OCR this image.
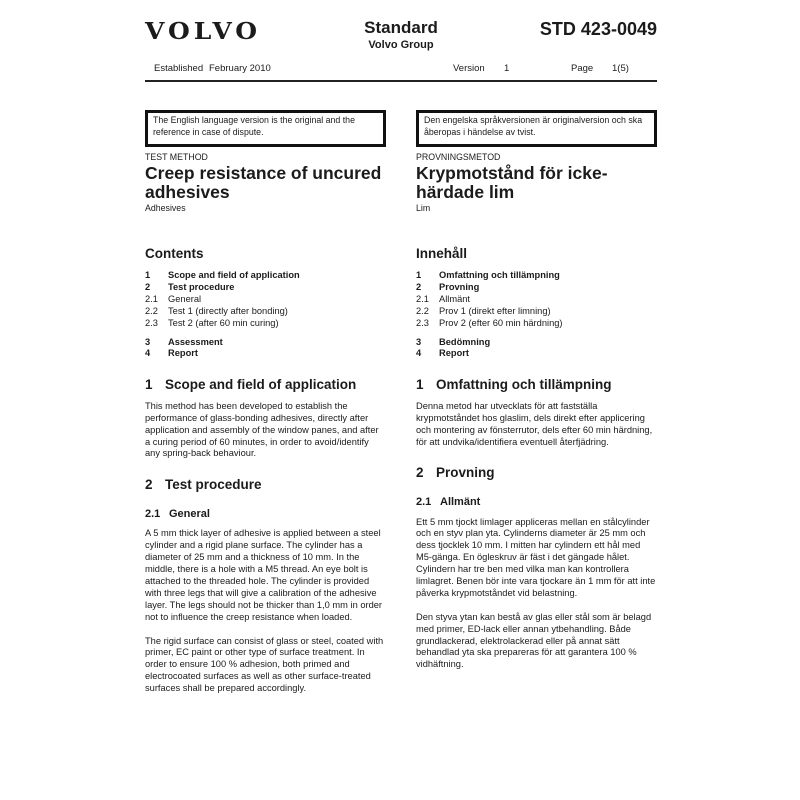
VOLVO	Standard
Volvo Group
STD 423-0049
Established February 2010	Version 1	Page 1(5)
The English language version is the original and the reference in case of dispute.
Den engelska språkversionen är originalversion och ska åberopas i händelse av tvist.
TEST METHOD
Creep resistance of uncured adhesives
Adhesives
Contents
1	Scope and field of application
2	Test procedure
2.1	General
2.2	Test 1 (directly after bonding)
2.3	Test 2 (after 60 min curing)
3	Assessment
4	Report
1 Scope and field of application

This method has been developed to establish the performance of glass-bonding adhesives, directly after application and assembly of the window panes, and after a curing period of 60 minutes, in order to avoid/identify any spring-back behaviour.

2 Test procedure
2.1 General

A 5 mm thick layer of adhesive is applied between a steel cylinder and a rigid plane surface. The cylinder has a diameter of 25 mm and a thickness of 10 mm. In the middle, there is a hole with a M5 thread. An eye bolt is attached to the threaded hole. The cylinder is provided with three legs that will give a calibration of the adhesive layer. The legs should not be thicker than 1,0 mm in order not to influence the creep resistance when loaded.

The rigid surface can consist of glass or steel, coated with primer, EC paint or other type of surface treatment. In order to ensure 100 % adhesion, both primed and electrocoated surfaces as well as other surface-treated surfaces shall be prepared accordingly.

PROVNINGSMETOD
Krypmotstånd för icke-härdade lim
Lim
Innehåll
1	Omfattning och tillämpning
2	Provning
2.1	Allmänt
2.2	Prov 1 (direkt efter limning)
2.3	Prov 2 (efter 60 min härdning)
3	Bedömning
4	Report
1 Omfattning och tillämpning

Denna metod har utvecklats för att fastställa krypmotståndet hos glaslim, dels direkt efter applicering och montering av fönsterrutor, dels efter 60 min härdning, för att undvika/identifiera eventuell återfjädring.

2 Provning
2.1 Allmänt

Ett 5 mm tjockt limlager appliceras mellan en stålcylinder och en styv plan yta. Cylinderns diameter är 25 mm och dess tjocklek 10 mm. I mitten har cylindern ett hål med M5-gänga. En ögleskruv är fäst i det gängade hålet. Cylindern har tre ben med vilka man kan kontrollera limlagret. Benen bör inte vara tjockare än 1 mm för att inte påverka krypmotståndet vid belastning.

Den styva ytan kan bestå av glas eller stål som är belagd med primer, ED-lack eller annan ytbehandling. Både grundlackerad, elektrolackerad eller på annat sätt behandlad yta ska prepareras för att garantera 100 % vidhäftning.
